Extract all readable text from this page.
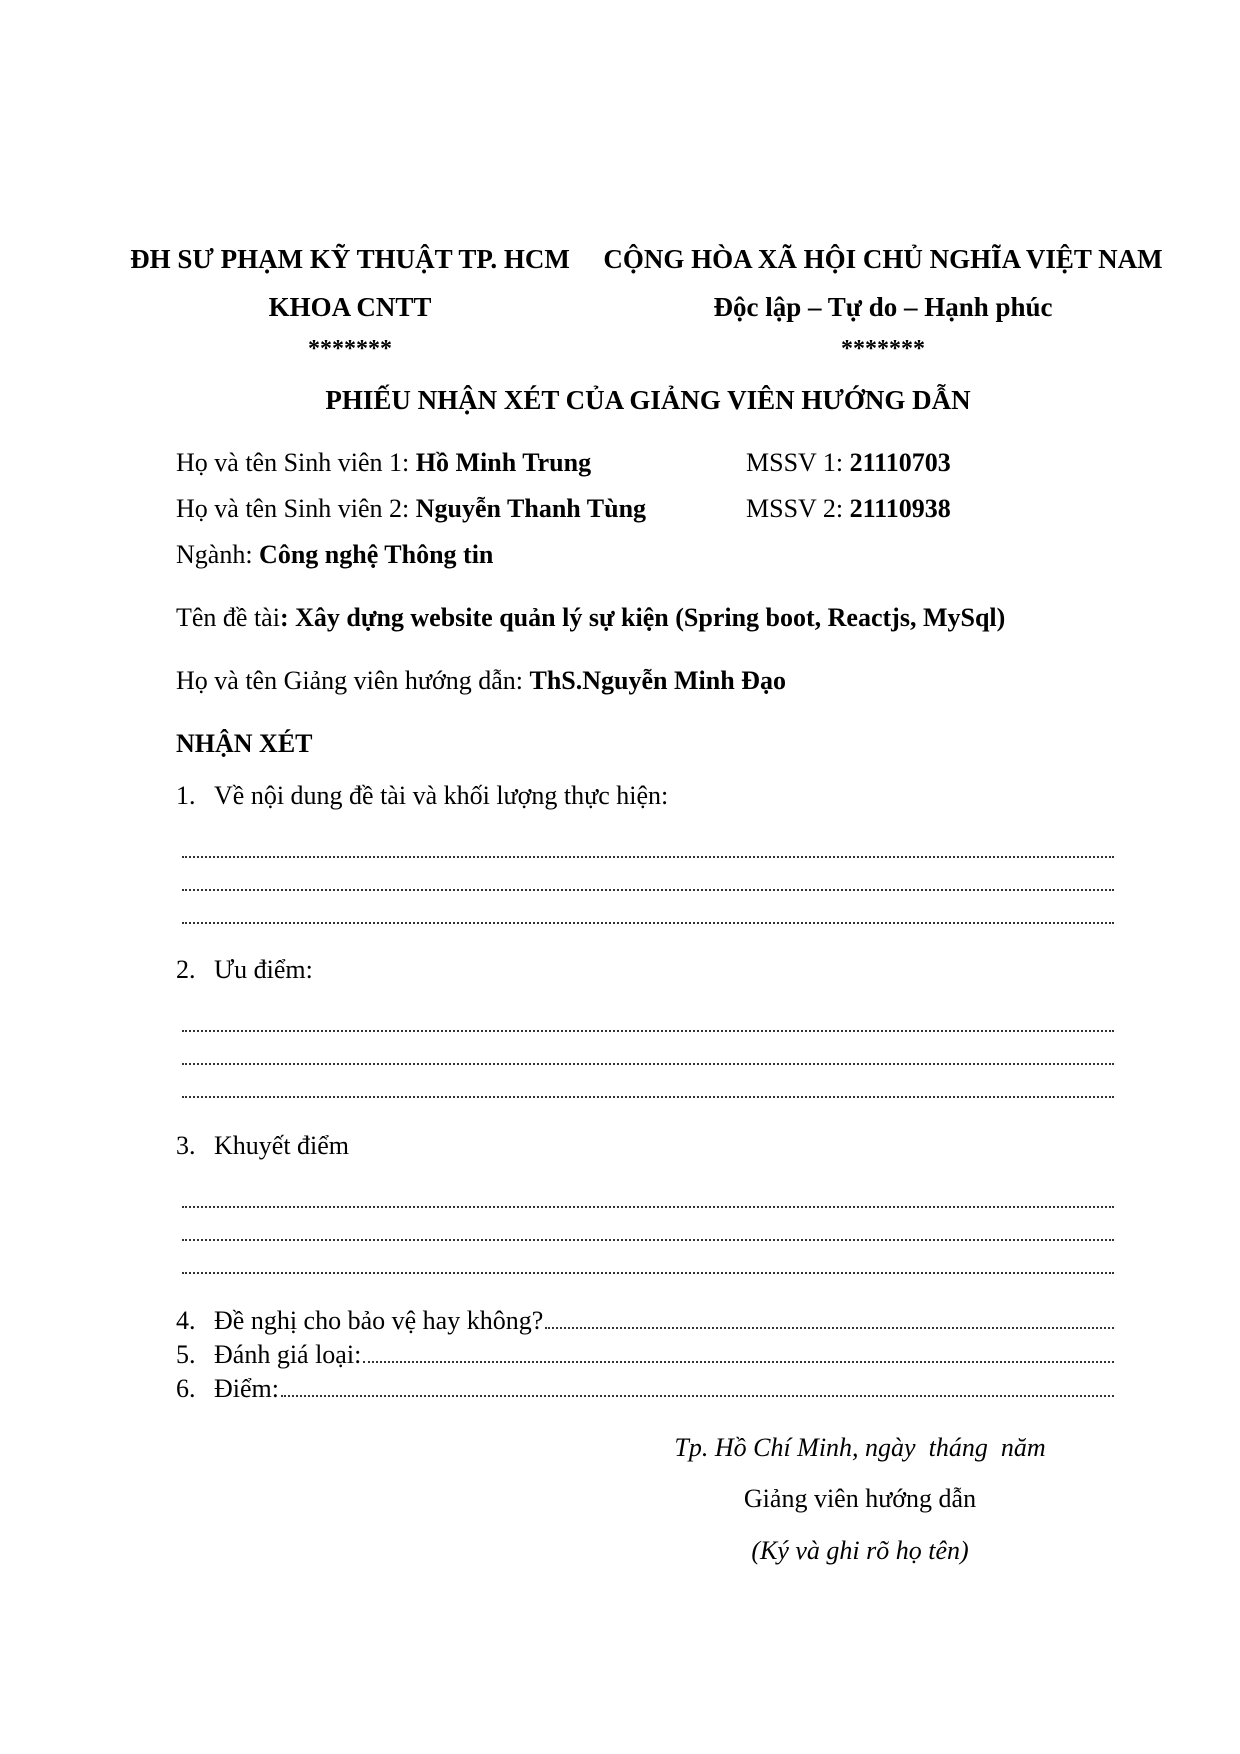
ĐH SƯ PHẠM KỸ THUẬT TP. HCM
KHOA CNTT
*******
CỘNG HÒA XÃ HỘI CHỦ NGHĨA VIỆT NAM
Độc lập – Tự do – Hạnh phúc
*******
PHIẾU NHẬN XÉT CỦA GIẢNG VIÊN HƯỚNG DẪN
Họ và tên Sinh viên 1: Hồ Minh Trung	MSSV 1: 21110703
Họ và tên Sinh viên 2: Nguyễn Thanh Tùng	MSSV 2: 21110938
Ngành: Công nghệ Thông tin
Tên đề tài: Xây dựng website quản lý sự kiện (Spring boot, Reactjs, MySql)
Họ và tên Giảng viên hướng dẫn: ThS.Nguyễn Minh Đạo
NHẬN XÉT
1. Về nội dung đề tài và khối lượng thực hiện:
2. Ưu điểm:
3. Khuyết điểm
4. Đề nghị cho bảo vệ hay không?
5. Đánh giá loại:
6. Điểm:
Tp. Hồ Chí Minh, ngày  tháng  năm
Giảng viên hướng dẫn
(Ký và ghi rõ họ tên)
